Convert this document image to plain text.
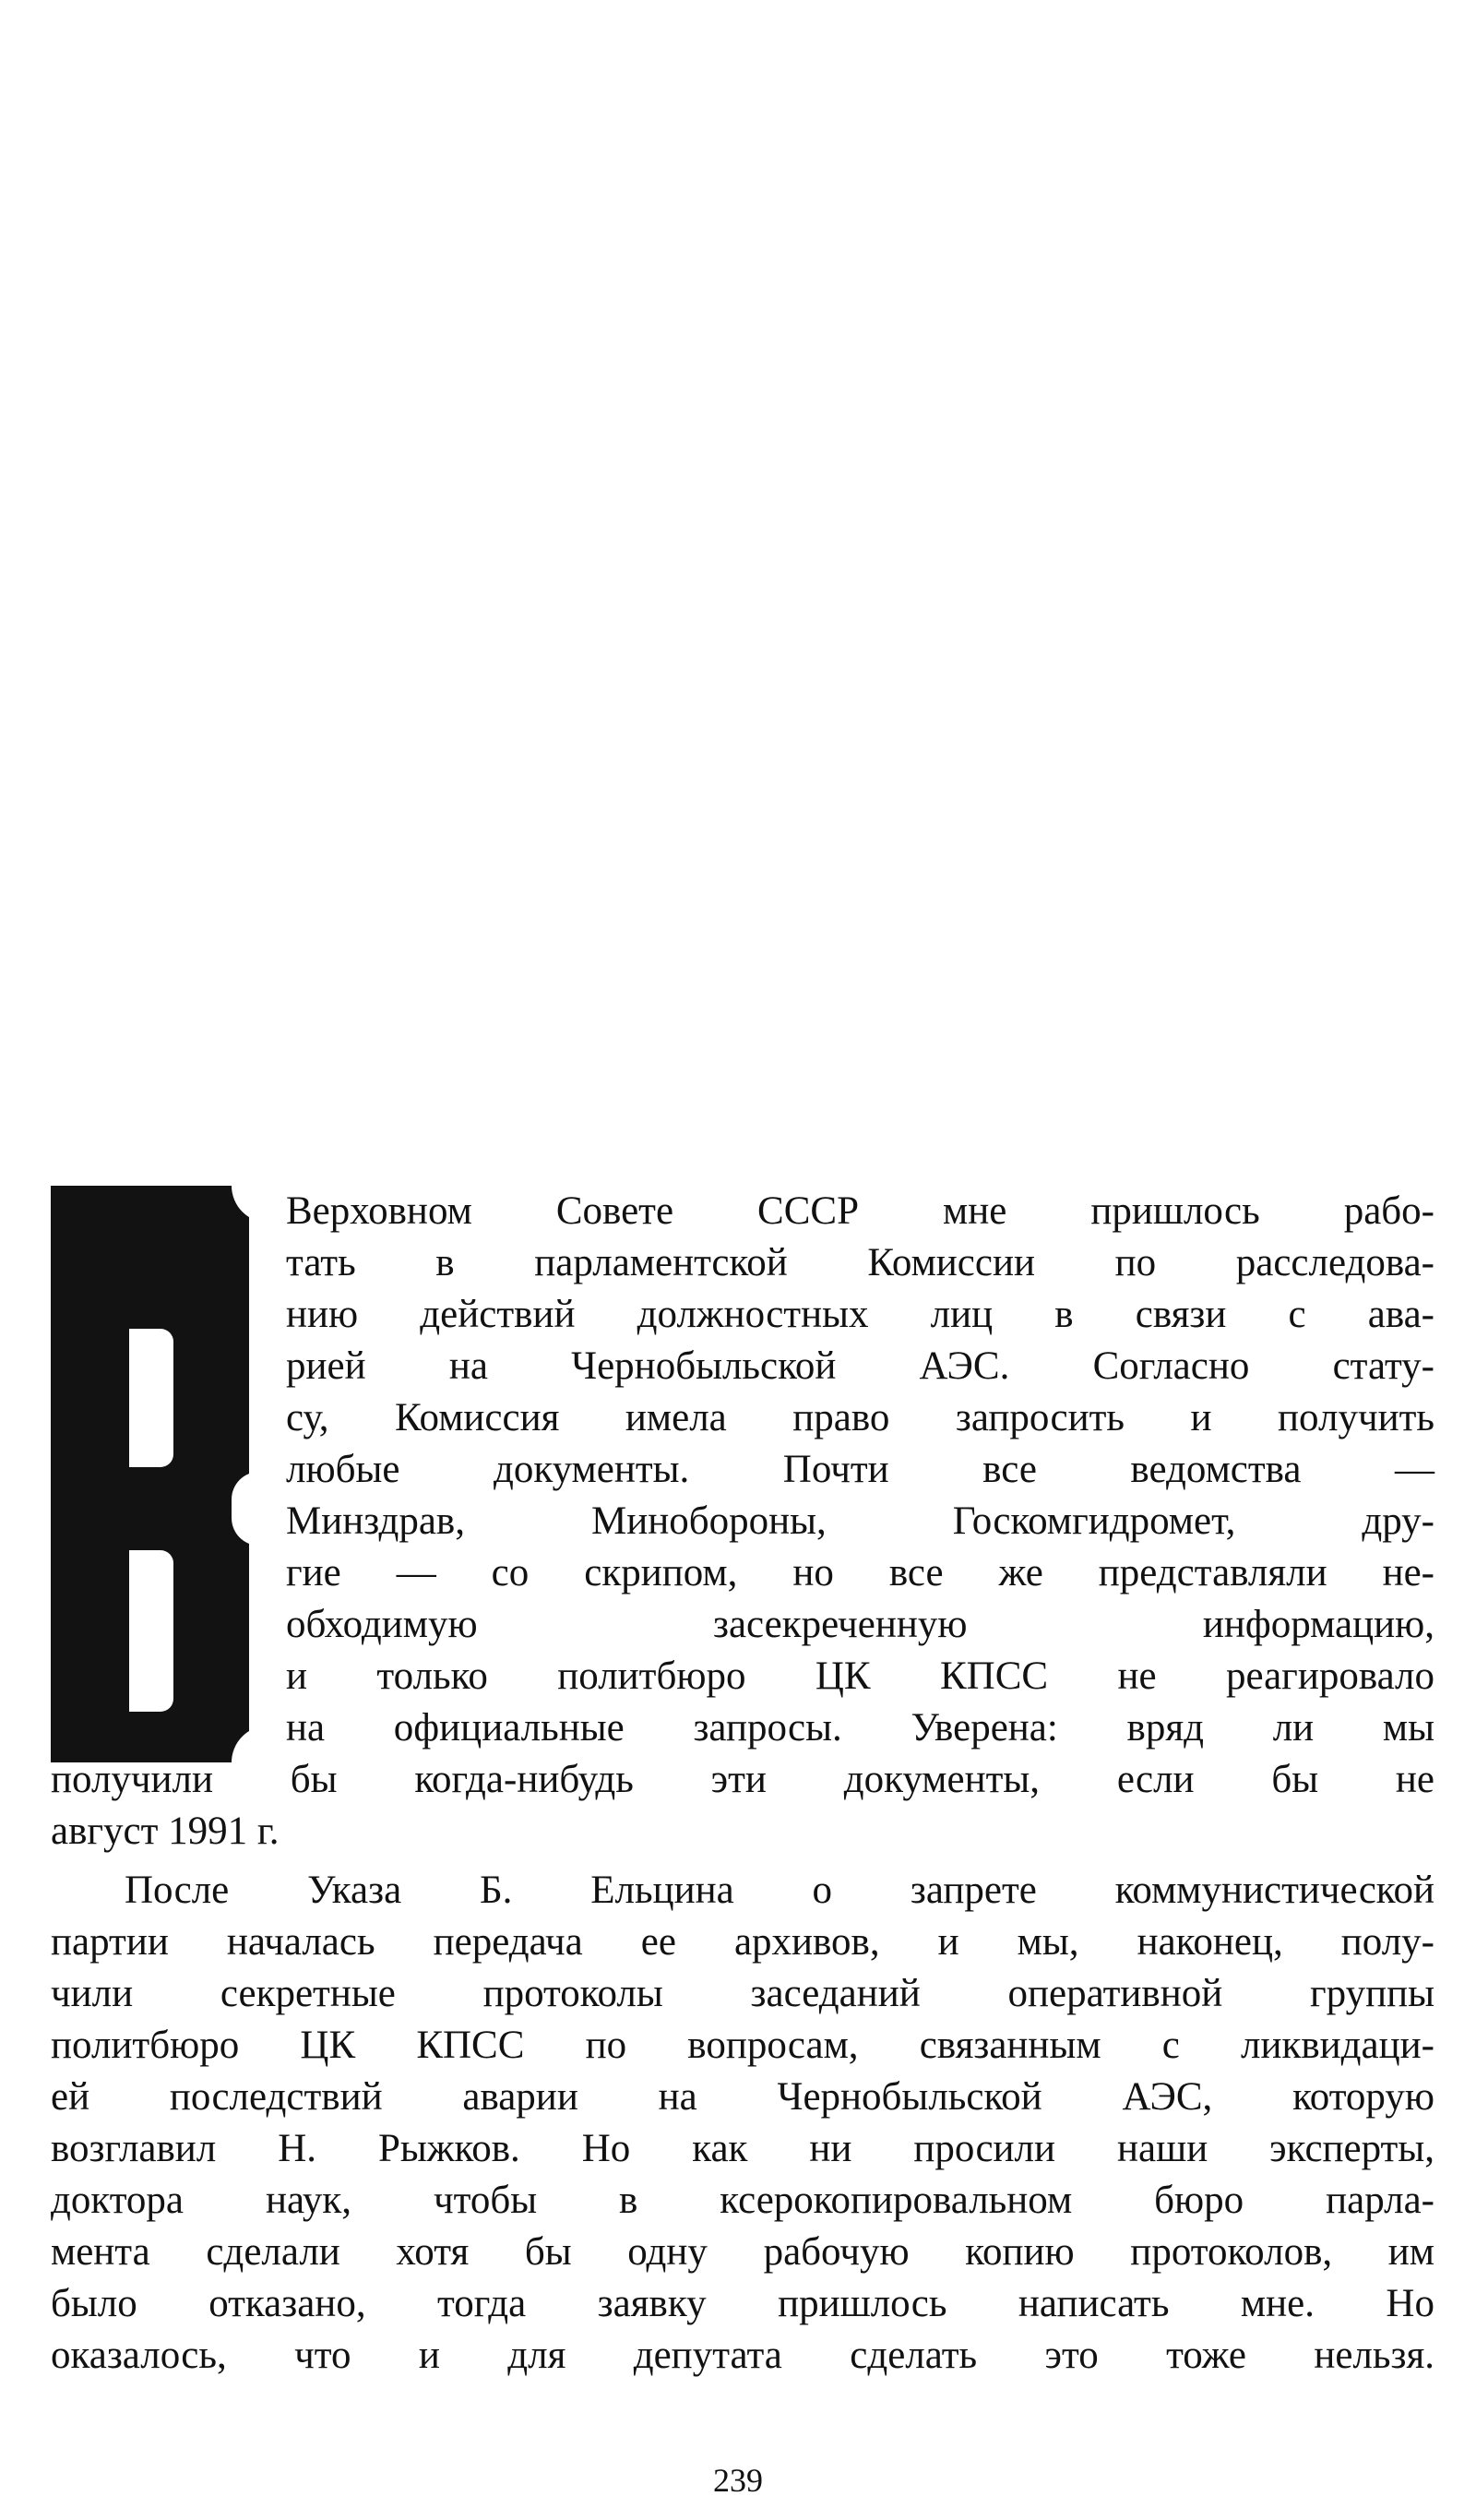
Верховном Совете СССР мне пришлось рабо-
тать в парламентской Комиссии по расследова-
нию действий должностных лиц в связи с ава-
рией на Чернобыльской АЭС. Согласно стату-
су, Комиссия имела право запросить и получить
любые документы. Почти все ведомства —
Минздрав, Минобороны, Госкомгидромет, дру-
гие — со скрипом, но все же представляли не-
обходимую засекреченную информацию,
и только политбюро ЦК КПСС не реагировало
на официальные запросы. Уверена: вряд ли мы
получили бы когда-нибудь эти документы, если бы не
август 1991 г.
После Указа Б. Ельцина о запрете коммунистической
партии началась передача ее архивов, и мы, наконец, полу-
чили секретные протоколы заседаний оперативной группы
политбюро ЦК КПСС по вопросам, связанным с ликвидаци-
ей последствий аварии на Чернобыльской АЭС, которую
возглавил Н. Рыжков. Но как ни просили наши эксперты,
доктора наук, чтобы в ксерокопировальном бюро парла-
мента сделали хотя бы одну рабочую копию протоколов, им
было отказано, тогда заявку пришлось написать мне. Но
оказалось, что и для депутата сделать это тоже нельзя.
239
